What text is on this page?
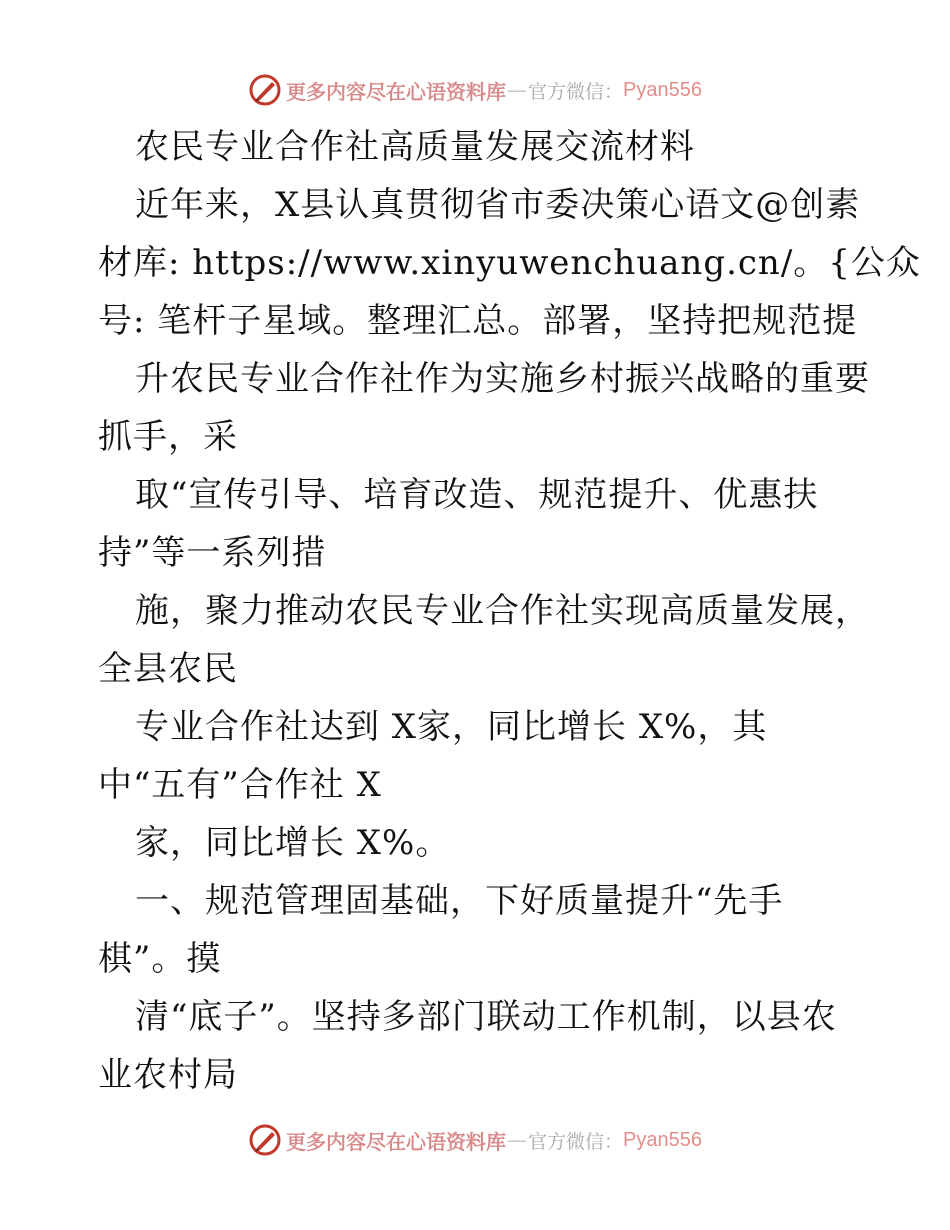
更多内容尽在心语资料库 — 官方微信： Pyan556
农民专业合作社高质量发展交流材料
近年来，X县认真贯彻省市委决策心语文@创素
材库: https://www.xinyuwenchuang.cn/。{公众
号: 笔杆子星域。整理汇总。部署，坚持把规范提
升农民专业合作社作为实施乡村振兴战略的重要
抓手，采
取“宣传引导、培育改造、规范提升、优惠扶
持”等一系列措
施，聚力推动农民专业合作社实现高质量发展，
全县农民
专业合作社达到 X家，同比增长 X%，其
中“五有”合作社 X
家，同比增长 X%。
一、规范管理固基础，下好质量提升“先手
棋”。摸
清“底子”。坚持多部门联动工作机制，以县农
业农村局
更多内容尽在心语资料库 — 官方微信： Pyan556
